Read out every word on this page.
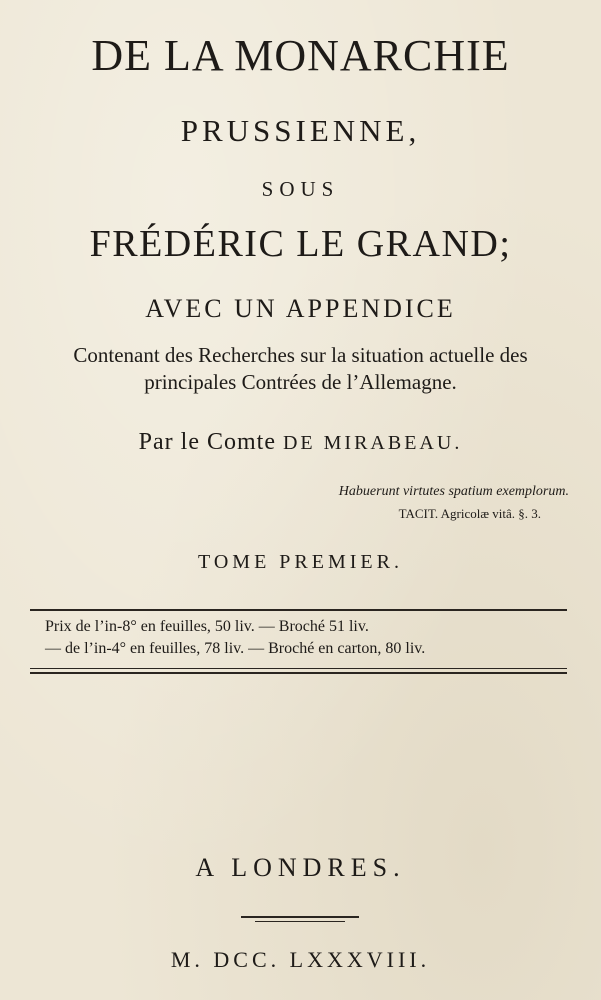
DE LA MONARCHIE
PRUSSIENNE,
SOUS
FRÉDÉRIC LE GRAND;
AVEC UN APPENDICE
Contenant des Recherches sur la situation actuelle des
principales Contrées de l’Allemagne.
Par le Comte DE MIRABEAU.
Habuerunt virtutes spatium exemplorum.
TACIT. Agricolæ vitâ. §. 3.
TOME PREMIER.
Prix de l’in-8° en feuilles, 50 liv. — Broché 51 liv.
— de l’in-4° en feuilles, 78 liv. — Broché en carton, 80 liv.
A LONDRES.
M. DCC. LXXXVIII.
